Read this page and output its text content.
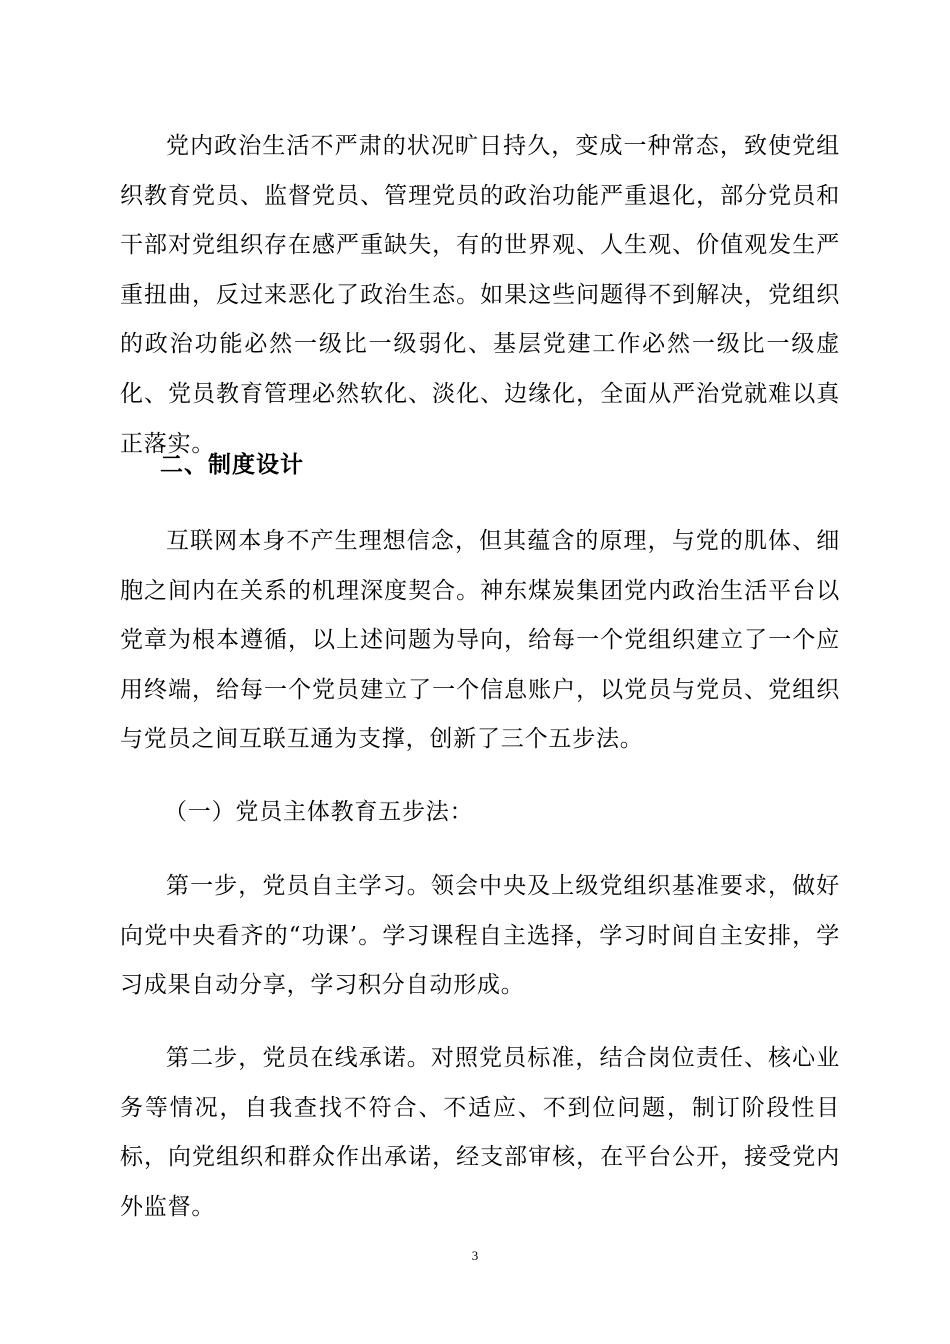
党内政治生活不严肃的状况旷日持久，变成一种常态，致使党组织教育党员、监督党员、管理党员的政治功能严重退化，部分党员和干部对党组织存在感严重缺失，有的世界观、人生观、价值观发生严重扭曲，反过来恶化了政治生态。如果这些问题得不到解决，党组织的政治功能必然一级比一级弱化、基层党建工作必然一级比一级虚化、党员教育管理必然软化、淡化、边缘化，全面从严治党就难以真正落实。

二、制度设计

互联网本身不产生理想信念，但其蕴含的原理，与党的肌体、细胞之间内在关系的机理深度契合。神东煤炭集团党内政治生活平台以党章为根本遵循，以上述问题为导向，给每一个党组织建立了一个应用终端，给每一个党员建立了一个信息账户，以党员与党员、党组织与党员之间互联互通为支撑，创新了三个五步法。

（一）党员主体教育五步法：

第一步，党员自主学习。领会中央及上级党组织基准要求，做好向党中央看齐的“功课’。学习课程自主选择，学习时间自主安排，学习成果自动分享，学习积分自动形成。

第二步，党员在线承诺。对照党员标准，结合岗位责任、核心业务等情况，自我查找不符合、不适应、不到位问题，制订阶段性目标，向党组织和群众作出承诺，经支部审核，在平台公开，接受党内外监督。

3
